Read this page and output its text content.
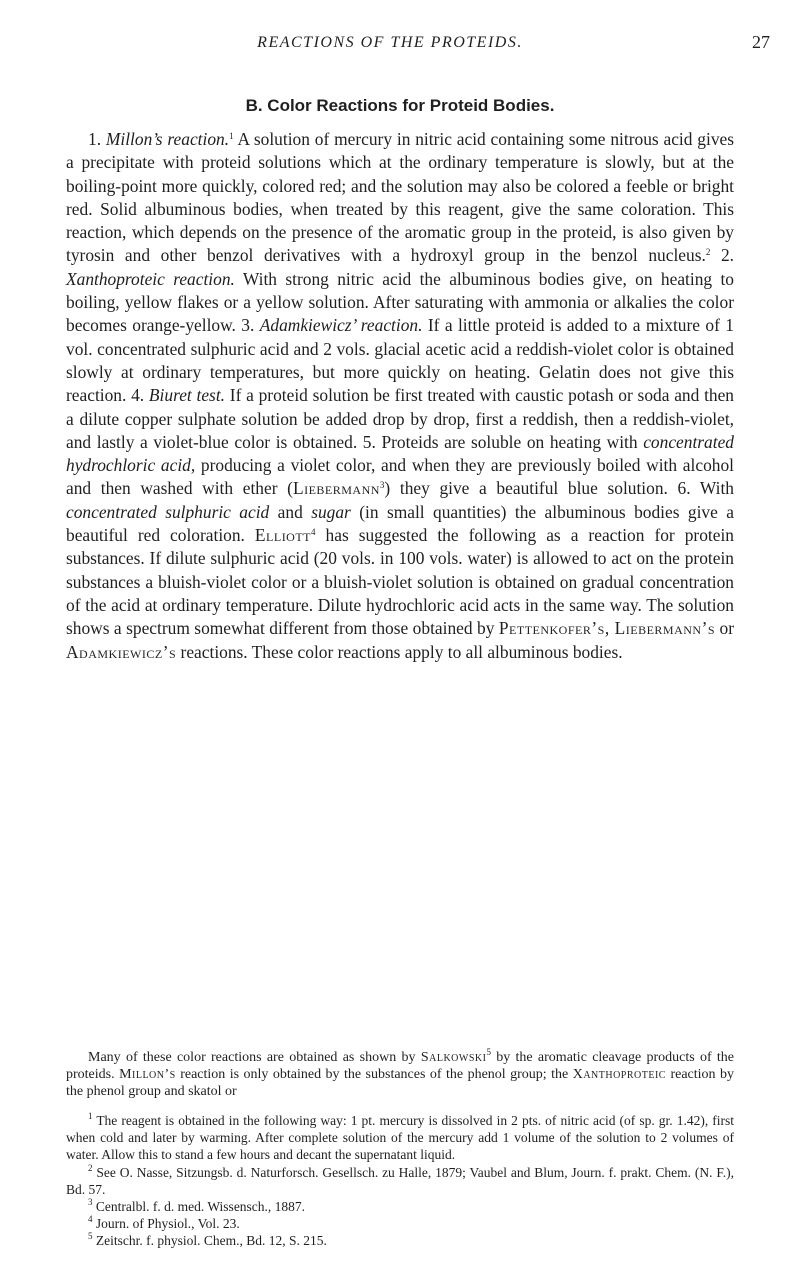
REACTIONS OF THE PROTEIDS.	27
B. Color Reactions for Proteid Bodies.

1. Millon’s reaction.$^1$ A solution of mercury in nitric acid containing some nitrous acid gives a precipitate with proteid solutions which at the ordinary temperature is slowly, but at the boiling-point more quickly, colored red; and the solution may also be colored a feeble or bright red. Solid albuminous bodies, when treated by this reagent, give the same coloration. This reaction, which depends on the presence of the aromatic group in the proteid, is also given by tyrosin and other benzol derivatives with a hydroxyl group in the benzol nucleus.$^2$ 2. Xanthoproteic reaction. With strong nitric acid the albuminous bodies give, on heating to boiling, yellow flakes or a yellow solution. After saturating with ammonia or alkalies the color becomes orange-yellow. 3. Adamkiewicz’ reaction. If a little proteid is added to a mixture of 1 vol. concentrated sulphuric acid and 2 vols. glacial acetic acid a reddish-violet color is obtained slowly at ordinary temperatures, but more quickly on heating. Gelatin does not give this reaction. 4. Biuret test. If a proteid solution be first treated with caustic potash or soda and then a dilute copper sulphate solution be added drop by drop, first a reddish, then a reddish-violet, and lastly a violet-blue color is obtained. 5. Proteids are soluble on heating with concentrated hydrochloric acid, producing a violet color, and when they are previously boiled with alcohol and then washed with ether (Liebermann$^3$) they give a beautiful blue solution. 6. With concentrated sulphuric acid and sugar (in small quantities) the albuminous bodies give a beautiful red coloration. Elliott$^4$ has suggested the following as a reaction for protein substances. If dilute sulphuric acid (20 vols. in 100 vols. water) is allowed to act on the protein substances a bluish-violet color or a bluish-violet solution is obtained on gradual concentration of the acid at ordinary temperature. Dilute hydrochloric acid acts in the same way. The solution shows a spectrum somewhat different from those obtained by Pettenkofer’s, Liebermann’s or Adamkiewicz’s reactions. These color reactions apply to all albuminous bodies.

Many of these color reactions are obtained as shown by Salkowski$^5$ by the aromatic cleavage products of the proteids. Millon’s reaction is only obtained by the substances of the phenol group; the Xanthoproteic reaction by the phenol group and skatol or

$^1$ The reagent is obtained in the following way: 1 pt. mercury is dissolved in 2 pts. of nitric acid (of sp. gr. 1.42), first when cold and later by warming. After complete solution of the mercury add 1 volume of the solution to 2 volumes of water. Allow this to stand a few hours and decant the supernatant liquid.

$^2$ See O. Nasse, Sitzungsb. d. Naturforsch. Gesellsch. zu Halle, 1879; Vaubel and Blum, Journ. f. prakt. Chem. (N. F.), Bd. 57.

$^3$ Centralbl. f. d. med. Wissensch., 1887.

$^4$ Journ. of Physiol., Vol. 23.

$^5$ Zeitschr. f. physiol. Chem., Bd. 12, S. 215.
